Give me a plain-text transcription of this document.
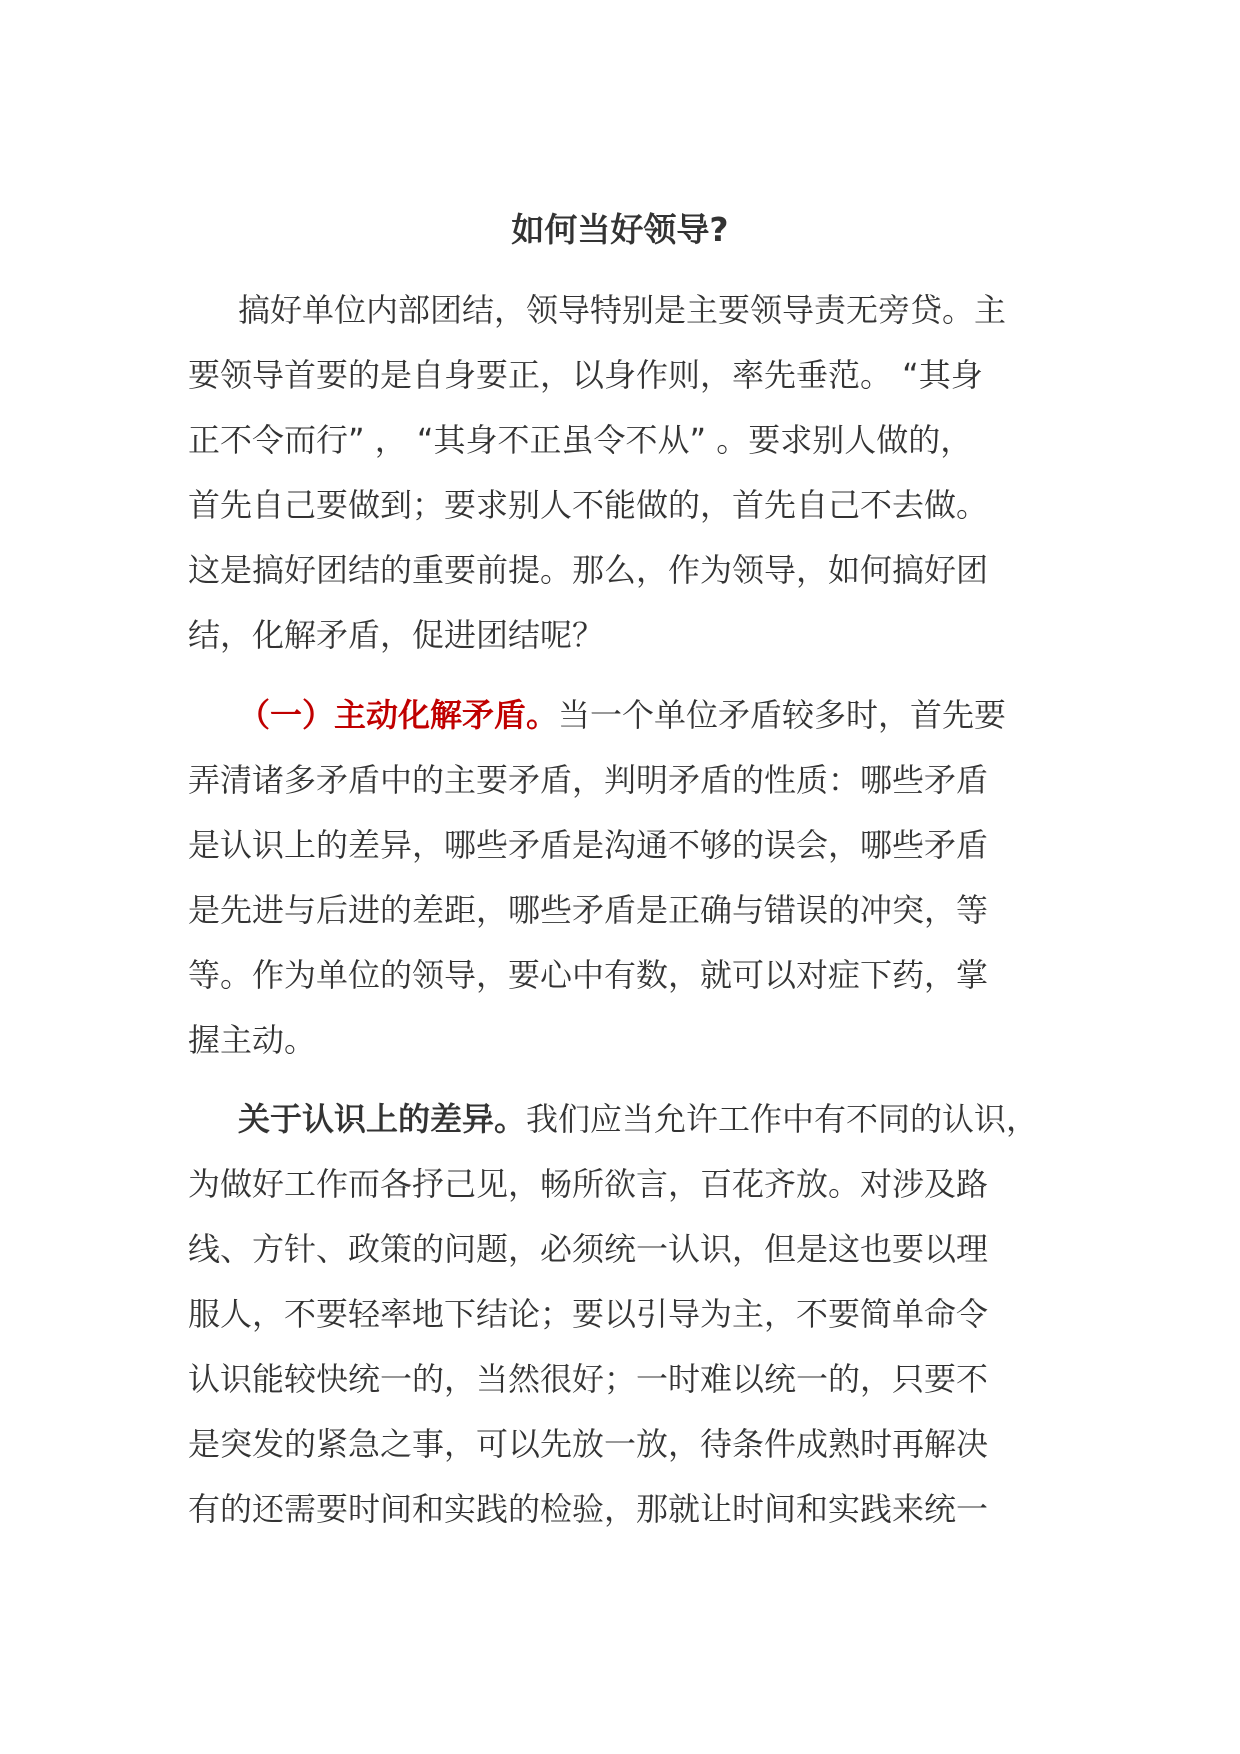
如何当好领导?
搞好单位内部团结，领导特别是主要领导责无旁贷。主
要领导首要的是自身要正，以身作则，率先垂范。 “其身
正不令而行” ， “其身不正虽令不从” 。要求别人做的，
首先自己要做到；要求别人不能做的，首先自己不去做。
这是搞好团结的重要前提。那么，作为领导，如何搞好团
结，化解矛盾，促进团结呢？
（一）主动化解矛盾。当一个单位矛盾较多时，首先要
弄清诸多矛盾中的主要矛盾，判明矛盾的性质：哪些矛盾
是认识上的差异，哪些矛盾是沟通不够的误会，哪些矛盾
是先进与后进的差距，哪些矛盾是正确与错误的冲突，等
等。作为单位的领导，要心中有数，就可以对症下药，掌
握主动。
关于认识上的差异。我们应当允许工作中有不同的认识，
为做好工作而各抒己见，畅所欲言，百花齐放。对涉及路
线、方针、政策的问题，必须统一认识，但是这也要以理
服人，不要轻率地下结论；要以引导为主，不要简单命令
认识能较快统一的，当然很好；一时难以统一的，只要不
是突发的紧急之事，可以先放一放，待条件成熟时再解决
有的还需要时间和实践的检验，那就让时间和实践来统一
